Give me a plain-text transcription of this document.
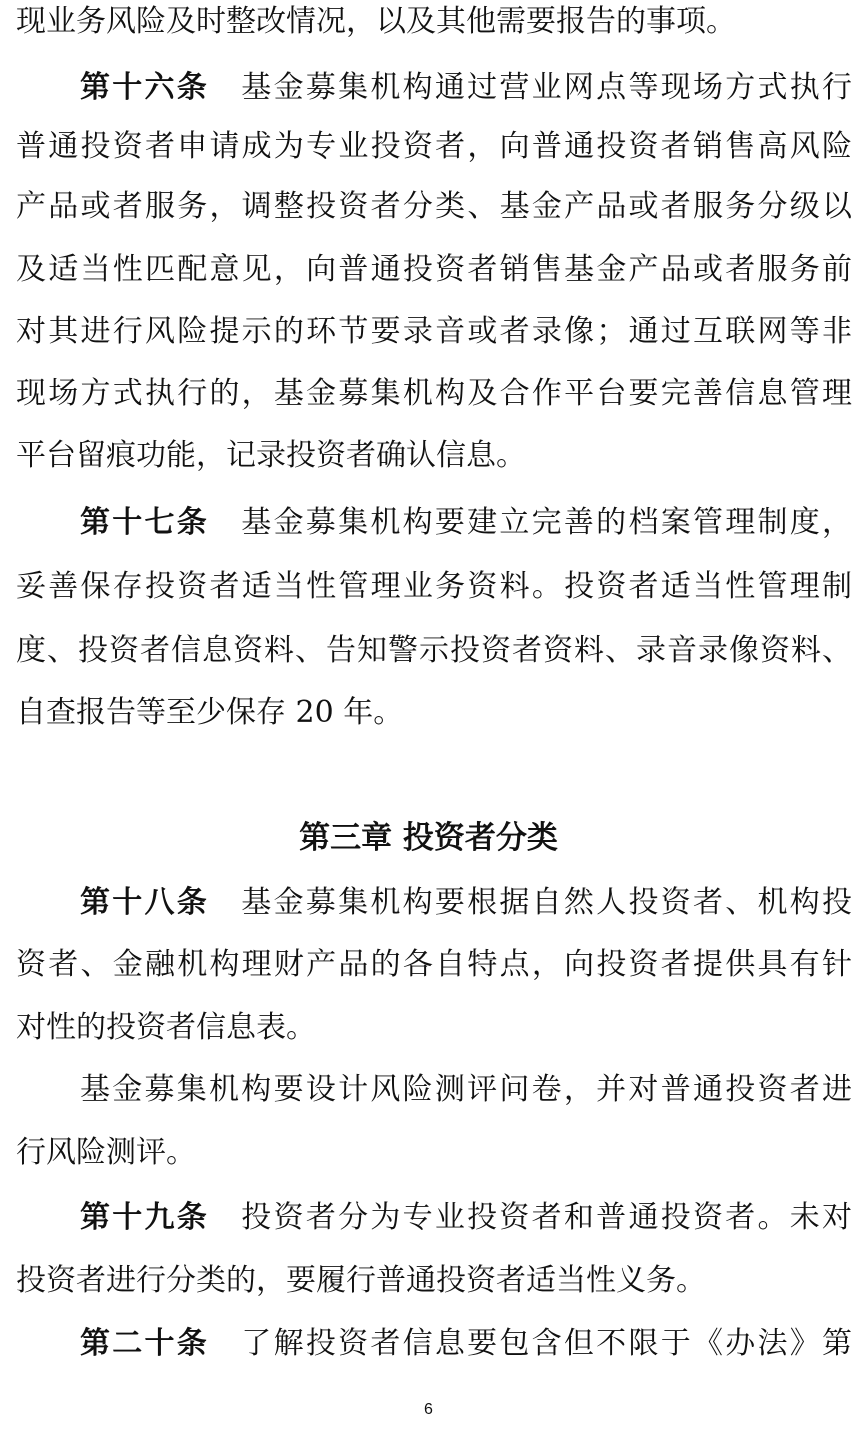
现业务风险及时整改情况，以及其他需要报告的事项。
第十六条   基金募集机构通过营业网点等现场方式执行
普通投资者申请成为专业投资者，向普通投资者销售高风险
产品或者服务，调整投资者分类、基金产品或者服务分级以
及适当性匹配意见，向普通投资者销售基金产品或者服务前
对其进行风险提示的环节要录音或者录像；通过互联网等非
现场方式执行的，基金募集机构及合作平台要完善信息管理
平台留痕功能，记录投资者确认信息。
第十七条   基金募集机构要建立完善的档案管理制度，
妥善保存投资者适当性管理业务资料。投资者适当性管理制
度、投资者信息资料、告知警示投资者资料、录音录像资料、
自查报告等至少保存 20 年。
第三章 投资者分类
第十八条   基金募集机构要根据自然人投资者、机构投
资者、金融机构理财产品的各自特点，向投资者提供具有针
对性的投资者信息表。
基金募集机构要设计风险测评问卷，并对普通投资者进
行风险测评。
第十九条   投资者分为专业投资者和普通投资者。未对
投资者进行分类的，要履行普通投资者适当性义务。
第二十条   了解投资者信息要包含但不限于《办法》第
6
